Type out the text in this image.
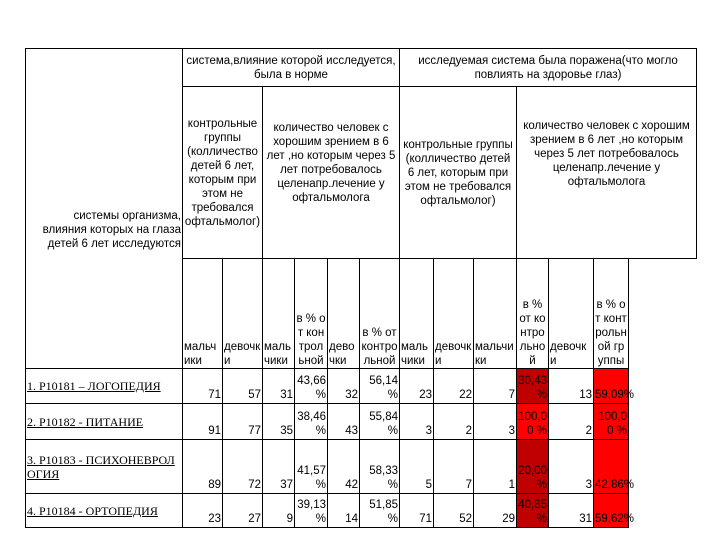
	система,влияние которой исследуется, была в норме						исследуемая система была поражена(что могло повлиять на здоровье глаз)					
системы организма, влияния которых на глаза детей 6 лет исследуются	контрольные группы (колличество детей 6 лет, которым при этом не требовался офтальмолог)		количество человек с хорошим зрением в 6 лет ,но которым через 5 лет потребовалось целенапр.лечение у офтальмолога				контрольные группы (колличество детей 6 лет, которым при этом не требовался офтальмолог)			количество человек с хорошим зрением в 6 лет ,но которым через 5 лет потребовалось целенапр.лечение у офтальмолога		
	мальчики	девочки	мальчики	в % от контрольной	девочки	в % от контрольной	мальчики	девочки	мальчики	в % от контрольной	девочки	в % от контрольной группы
1. Р10181 – ЛОГОПЕДИЯ	71	57	31	43,66 %	32	56,14 %	23	22	7	30,43 %	13	59,09%
2. Р10182 - ПИТАНИЕ	91	77	35	38,46 %	43	55,84 %	3	2	3	100,00 %	2	100,00 %
3. Р10183 - ПСИХОНЕВРОЛОГИЯ	89	72	37	41,57 %	42	58,33 %	5	7	1	20,00 %	3	42,86%
4. Р10184 - ОРТОПЕДИЯ	23	27	9	39,13 %	14	51,85 %	71	52	29	40,85 %	31	59,62%
